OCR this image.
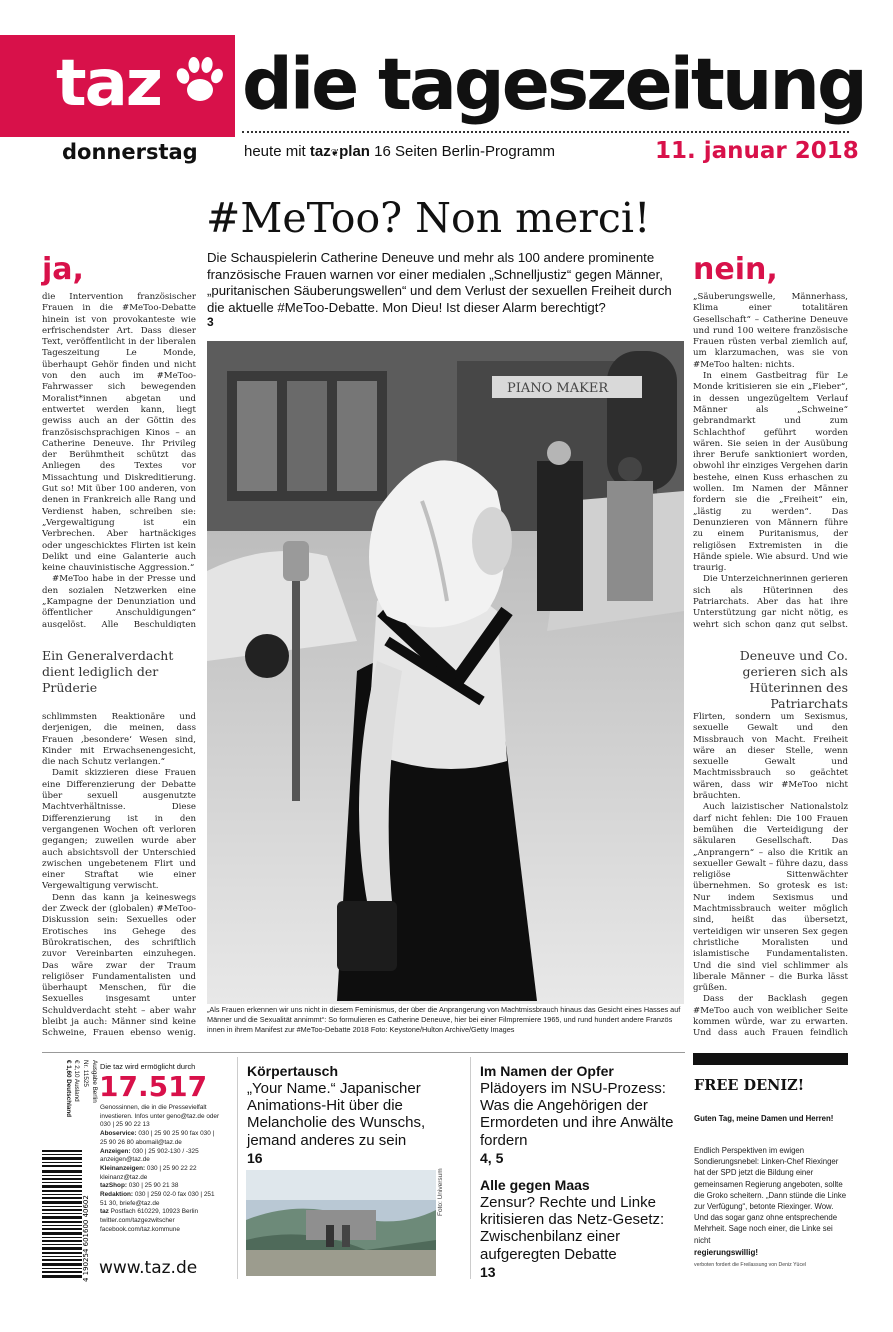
taz die tageszeitung
donnerstag	heute mit taz❦plan 16 Seiten Berlin-Programm	11. januar 2018
#MeToo? Non merci!

Die Schauspielerin Catherine Deneuve und mehr als 100 andere prominente französische Frauen warnen vor einer medialen „Schnelljustiz“ gegen Männer, „puritanischen Säuberungswellen“ und dem Verlust der sexuellen Freiheit durch die aktuelle #MeToo-Debatte. Mon Dieu! Ist dieser Alarm berechtigt?

3
ja,	nein,

die Intervention französischer Frauen in die #MeToo-Debatte hinein ist von provokanteste wie erfrischendster Art. Dass dieser Text, veröffentlicht in der liberalen Tageszeitung Le Monde, überhaupt Gehör finden und nicht von den auch im #MeToo-Fahrwasser sich bewegenden Moralist*innen abgetan und entwertet werden kann, liegt gewiss auch an der Göttin des französischsprachigen Kinos – an Catherine Deneuve. Ihr Privileg der Berühmtheit schützt das Anliegen des Textes vor Missachtung und Diskreditierung. Gut so! Mit über 100 anderen, von denen in Frankreich alle Rang und Verdienst haben, schreiben sie: „Vergewaltigung ist ein Verbrechen. Aber hartnäckiges oder ungeschicktes Flirten ist kein Delikt und eine Galanterie auch keine chauvinistische Aggression.“

#MeToo habe in der Presse und den sozialen Netzwerken eine „Kampagne der Denunziation und öffentlicher Anschuldigungen“ ausgelöst. Alle Beschuldigten

Ein Generalverdacht dient lediglich der Prüderie

schlimmsten Reaktionäre und derjenigen, die meinen, dass Frauen ‚besondere‘ Wesen sind, Kinder mit Erwachsenengesicht, die nach Schutz verlangen.“

Damit skizzieren diese Frauen eine Differenzierung der Debatte über sexuell ausgenutzte Machtverhältnisse. Diese Differenzierung ist in den vergangenen Wochen oft verloren gegangen; zuweilen wurde aber auch absichtsvoll der Unterschied zwischen ungebetenem Flirt und einer Straftat wie einer Vergewaltigung verwischt.

Denn das kann ja keineswegs der Zweck der (globalen) #MeToo-Diskussion sein: Sexuelles oder Erotisches ins Gehege des Bürokratischen, des schriftlich zuvor Vereinbarten einzuhegen. Das wäre zwar der Traum religiöser Fundamentalisten und überhaupt Menschen, für die Sexuelles insgesamt unter Schuldverdacht steht – aber wahr bleibt ja auch: Männer sind keine Schweine, Frauen ebenso wenig.

„Säuberungswelle, Männerhass, Klima einer totalitären Gesellschaft“ – Catherine Deneuve und rund 100 weitere französische Frauen rüsten verbal ziemlich auf, um klarzumachen, was sie von #MeToo halten: nichts.

In einem Gastbeitrag für Le Monde kritisieren sie ein „Fieber“, in dessen ungezügeltem Verlauf Männer als „Schweine“ gebrandmarkt und zum Schlachthof geführt worden wären. Sie seien in der Ausübung ihrer Berufe sanktioniert worden, obwohl ihr einziges Vergehen darin bestehe, einen Kuss erhaschen zu wollen. Im Namen der Männer fordern sie die „Freiheit“ ein, „lästig zu werden“. Das Denunzieren von Männern führe zu einem Puritanismus, der religiösen Extremisten in die Hände spiele. Wie absurd. Und wie traurig.

Die Unterzeichnerinnen gerieren sich als Hüterinnen des Patriarchats. Aber das hat ihre Unterstützung gar nicht nötig, es wehrt sich schon ganz gut selbst.

Deneuve und Co. gerieren sich als Hüterinnen des Patriarchats

Flirten, sondern um Sexismus, sexuelle Gewalt und den Missbrauch von Macht. Freiheit wäre an dieser Stelle, wenn sexuelle Gewalt und Machtmissbrauch so geächtet wären, dass wir #MeToo nicht bräuchten.

Auch laizistischer Nationalstolz darf nicht fehlen: Die 100 Frauen bemühen die Verteidigung der säkularen Gesellschaft. Das „Anprangern“ – also die Kritik an sexueller Gewalt – führe dazu, dass religiöse Sittenwächter übernehmen. So grotesk es ist: Nur indem Sexismus und Machtmissbrauch weiter möglich sind, heißt das übersetzt, verteidigen wir unseren Sex gegen christliche Moralisten und islamistische Fundamentalisten. Und die sind viel schlimmer als liberale Männer – die Burka lässt grüßen.

Dass der Backlash gegen #MeToo auch von weiblicher Seite kommen würde, war zu erwarten. Und dass auch Frauen feindlich

PIANO MAKER
„Als Frauen erkennen wir uns nicht in diesem Feminismus, der über die Anprangerung von Machtmissbrauch hinaus das Gesicht eines Hasses auf Männer und die Sexualität annimmt“: So formulieren es Catherine Deneuve, hier bei einer Filmpremiere 1965, und rund hundert andere Französ innen in ihrem Manifest zur #MeToo-Debatte 2018 Foto: Keystone/Hulton Archive/Getty Images
4 190254 601600 40602
Ausgabe Berlin
Nr. 11525
€ 2,10 Ausland
€ 1,60 Deutschland	Die taz wird ermöglicht durch
17.517
Genossinnen, die in die Pressevielfalt investieren. Infos unter geno@taz.de oder 030 | 25 90 22 13
Aboservice: 030 | 25 90 25 90 fax 030 | 25 90 26 80 abomail@taz.de
Anzeigen: 030 | 25 902-130 / -325 anzeigen@taz.de
Kleinanzeigen: 030 | 25 90 22 22 kleinanz@taz.de
tazShop: 030 | 25 90 21 38
Redaktion: 030 | 259 02-0 fax 030 | 251 51 30, briefe@taz.de
taz Postfach 610229, 10923 Berlin twitter.com/tazgezwitscher facebook.com/taz.kommune
www.taz.de
Körpertausch
„Your Name.“ Japanischer Animations-Hit über die Melancholie des Wunschs, jemand anderes zu sein
16
Foto: Universum
Im Namen der Opfer
Plädoyers im NSU-Prozess: Was die Angehörigen der Ermordeten und ihre Anwälte fordern
4, 5
Alle gegen Maas
Zensur? Rechte und Linke kritisieren das Netz-Gesetz: Zwischenbilanz einer aufgeregten Debatte
13
FREE DENIZ!
Guten Tag, meine Damen und Herren!
Endlich Perspektiven im ewigen Sondierungsnebel: Linken-Chef Riexinger hat der SPD jetzt die Bildung einer gemeinsamen Regierung angeboten, sollte die Groko scheitern. „Dann stünde die Linke zur Verfügung“, betonte Riexinger. Wow. Und das sogar ganz ohne entsprechende Mehrheit. Sage noch einer, die Linke sei nicht
regierungswillig!
verboten fordert die Freilassung von Deniz Yücel
